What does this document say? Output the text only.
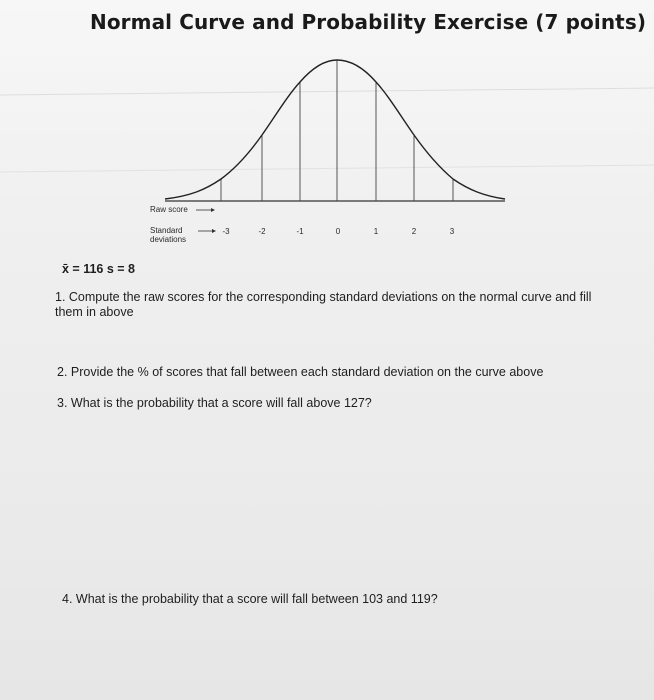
Normal Curve and Probability Exercise (7 points)
Raw score
Standard
deviations
-3	-2	-1	0	1	2	3
x̄ = 116 s = 8
1. Compute the raw scores for the corresponding standard deviations on the normal curve and fill them in above
2. Provide the % of scores that fall between each standard deviation on the curve above
3. What is the probability that a score will fall above 127?
4. What is the probability that a score will fall between 103 and 119?
